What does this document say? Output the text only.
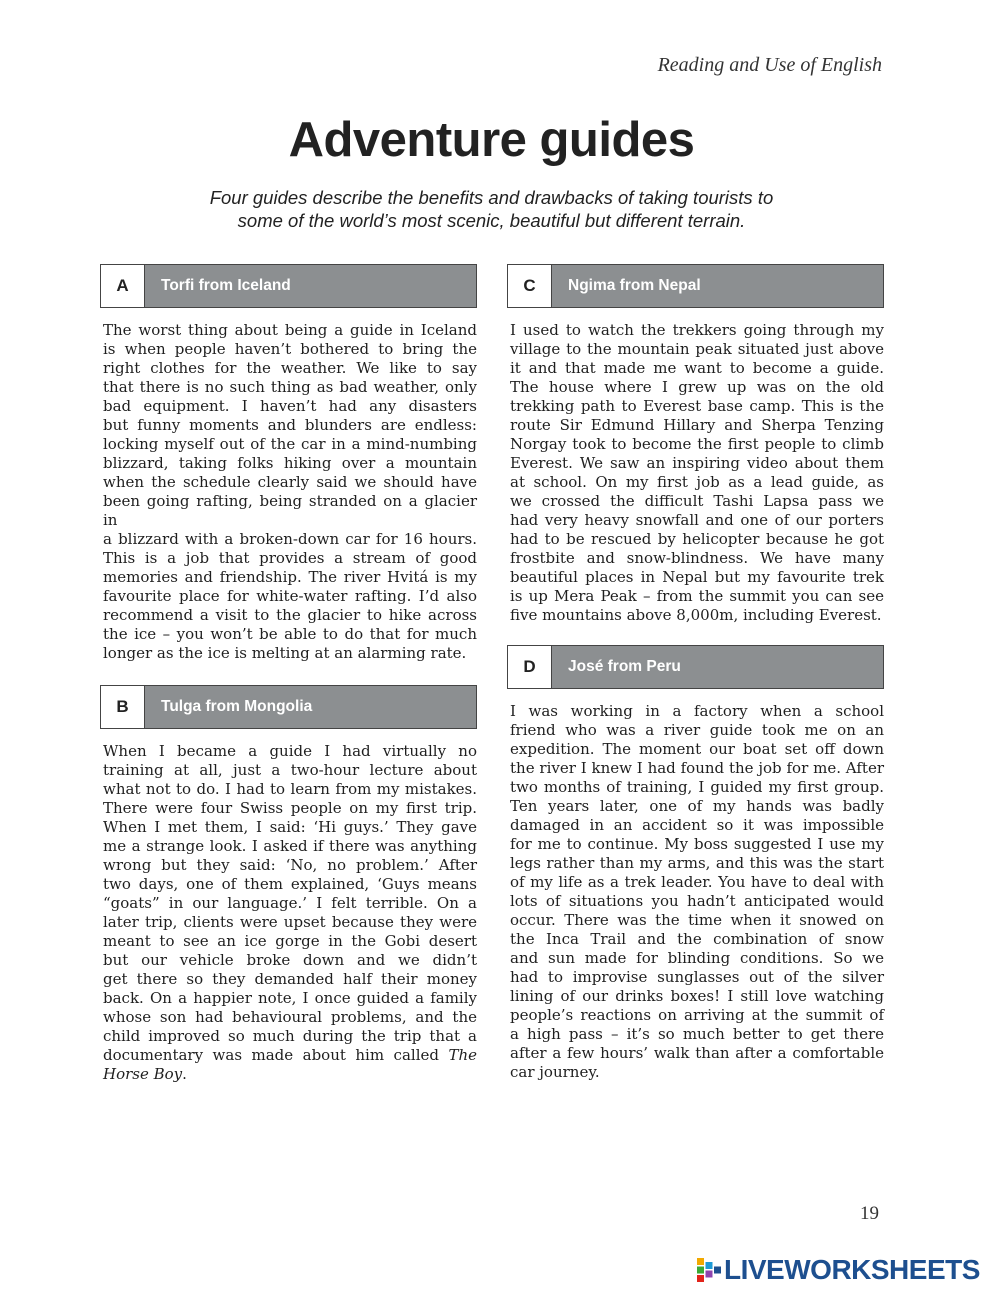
Reading and Use of English
Adventure guides
Four guides describe the benefits and drawbacks of taking tourists to
some of the world’s most scenic, beautiful but different terrain.
A	Torfi from Iceland
The worst thing about being a guide in Iceland
is when people haven’t bothered to bring the
right clothes for the weather. We like to say
that there is no such thing as bad weather, only
bad equipment. I haven’t had any disasters
but funny moments and blunders are endless:
locking myself out of the car in a mind-numbing
blizzard, taking folks hiking over a mountain
when the schedule clearly said we should have
been going rafting, being stranded on a glacier in
a blizzard with a broken-down car for 16 hours.
This is a job that provides a stream of good
memories and friendship. The river Hvitá is my
favourite place for white-water rafting. I’d also
recommend a visit to the glacier to hike across
the ice – you won’t be able to do that for much
longer as the ice is melting at an alarming rate.
B	Tulga from Mongolia
When I became a guide I had virtually no
training at all, just a two-hour lecture about
what not to do. I had to learn from my mistakes.
There were four Swiss people on my first trip.
When I met them, I said: ‘Hi guys.’ They gave
me a strange look. I asked if there was anything
wrong but they said: ‘No, no problem.’ After
two days, one of them explained, ‘Guys means
“goats” in our language.’ I felt terrible. On a
later trip, clients were upset because they were
meant to see an ice gorge in the Gobi desert
but our vehicle broke down and we didn’t
get there so they demanded half their money
back. On a happier note, I once guided a family
whose son had behavioural problems, and the
child improved so much during the trip that a
documentary was made about him called The
Horse Boy.
C	Ngima from Nepal
I used to watch the trekkers going through my
village to the mountain peak situated just above
it and that made me want to become a guide.
The house where I grew up was on the old
trekking path to Everest base camp. This is the
route Sir Edmund Hillary and Sherpa Tenzing
Norgay took to become the first people to climb
Everest. We saw an inspiring video about them
at school. On my first job as a lead guide, as
we crossed the difficult Tashi Lapsa pass we
had very heavy snowfall and one of our porters
had to be rescued by helicopter because he got
frostbite and snow-blindness. We have many
beautiful places in Nepal but my favourite trek
is up Mera Peak – from the summit you can see
five mountains above 8,000m, including Everest.
D	José from Peru
I was working in a factory when a school
friend who was a river guide took me on an
expedition. The moment our boat set off down
the river I knew I had found the job for me. After
two months of training, I guided my first group.
Ten years later, one of my hands was badly
damaged in an accident so it was impossible
for me to continue. My boss suggested I use my
legs rather than my arms, and this was the start
of my life as a trek leader. You have to deal with
lots of situations you hadn’t anticipated would
occur. There was the time when it snowed on
the Inca Trail and the combination of snow
and sun made for blinding conditions. So we
had to improvise sunglasses out of the silver
lining of our drinks boxes! I still love watching
people’s reactions on arriving at the summit of
a high pass – it’s so much better to get there
after a few hours’ walk than after a comfortable
car journey.
19
LIVEWORKSHEETS
